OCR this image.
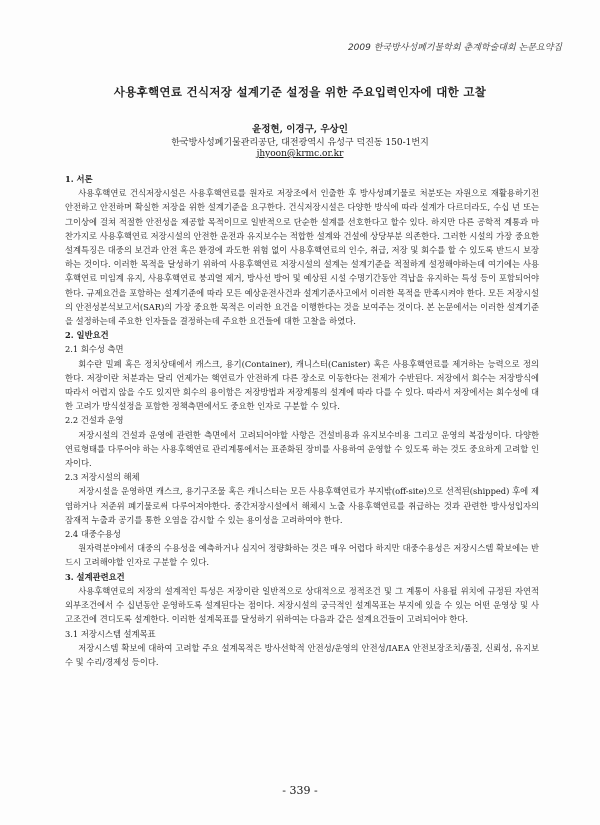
2009 한국방사성폐기물학회 춘계학술대회 논문요약집
사용후핵연료 건식저장 설계기준 설정을 위한 주요입력인자에 대한 고찰
윤정현, 이경구, 우상인
한국방사성폐기물관리공단, 대전광역시 유성구 덕진동 150-1번지
jhyoon@krmc.or.kr

1. 서론

사용후핵연료 건식저장시설은 사용후핵연료를 원자로 저장조에서 인출한 후 방사성폐기물로 처분또는 자원으로 재활용하기전 안전하고 안전하며 확실한 저장을 위한 설계기준을 요구한다. 건식저장시설은 다양한 방식에 따라 설계가 다르더라도, 수십 년 또는 그이상에 걸쳐 적절한 안전성을 제공할 목적이므로 일반적으로 단순한 설계를 선호한다고 할수 있다. 하지만 다른 공학적 계통과 마찬가지로 사용후핵연료 저장시설의 안전한 운전과 유지보수는 적합한 설계와 건설에 상당부분 의존한다. 그러한 시설의 가장 중요한 설계특징은 대중의 보건과 안전 혹은 환경에 과도한 위험 없이 사용후핵연료의 인수, 취급, 저장 및 회수를 할 수 있도록 반드시 보장하는 것이다. 이러한 목적을 달성하기 위하여 사용후핵연료 저장시설의 설계는 설계기준을 적절하게 설정해야하는데 여기에는 사용후핵연료 미임계 유지, 사용후핵연료 붕괴열 제거, 방사선 방어 및 예상된 시설 수명기간동안 격납을 유지하는 특성 등이 포함되어야 한다. 규제요건을 포함하는 설계기준에 따라 모든 예상운전사건과 설계기준사고에서 이러한 목적을 만족시켜야 한다. 모든 저장시설의 안전성분석보고서(SAR)의 가장 중요한 목적은 이러한 요건을 이행한다는 것을 보여주는 것이다. 본 논문에서는 이러한 설계기준을 설정하는데 주요한 인자들을 결정하는데 주요한 요건들에 대한 고찰을 하였다.

2. 일반요건

2.1 회수성 측면

회수란 밀폐 혹은 정치상태에서 캐스크, 용기(Container), 캐니스터(Canister) 혹은 사용후핵연료를 제거하는 능력으로 정의한다. 저장이란 처분과는 달리 언제가는 핵연료가 안전하게 다른 장소로 이동한다는 전제가 수반된다. 저장에서 회수는 저장방식에 따라서 어렵지 않을 수도 있지만 회수의 용이함은 저장방법과 저장계통의 설계에 따라 다를 수 있다. 따라서 저장에서는 회수성에 대한 고려가 방식설정을 포함한 정책측면에서도 중요한 인자로 구분할 수 있다.

2.2 건설과 운영

저장시설의 건설과 운영에 관련한 측면에서 고려되어야할 사항은 건설비용과 유지보수비용 그리고 운영의 복잡성이다. 다양한 연료형태를 다루어야 하는 사용후핵연료 관리계통에서는 표준화된 장비를 사용하여 운영할 수 있도록 하는 것도 중요하게 고려할 인자이다.

2.3 저장시설의 해체

저장시설을 운영하면 캐스크, 용기구조물 혹은 캐니스터는 모든 사용후핵연료가 부지밖(off-site)으로 선적된(shipped) 후에 제염하거나 저준위 폐기물로써 다루어져야한다. 중간저장시설에서 해체시 노출 사용후핵연료를 취급하는 것과 관련한 방사성입자의 잠재적 누출과 공기를 통한 오염을 감시할 수 있는 용이성을 고려하여야 한다.

2.4 대중수용성

원자력분야에서 대중의 수용성을 예측하거나 심지어 정량화하는 것은 매우 어렵다 하지만 대중수용성은 저장시스템 확보에는 반드시 고려해야할 인자로 구분할 수 있다.

3. 설계관련요건

사용후핵연료의 저장의 설계적인 특성은 저장이란 일반적으로 상대적으로 정적조건 및 그 계통이 사용될 위치에 규정된 자연적 외부조건에서 수 십년동안 운영하도록 설계된다는 점이다. 저장시설의 궁극적인 설계목표는 부지에 있을 수 있는 어떤 운영상 및 사고조건에 견디도록 설계한다. 이러한 설계목표를 달성하기 위하여는 다음과 같은 설계요건들이 고려되어야 한다.

3.1 저장시스템 설계목표

저장시스템 확보에 대하여 고려할 주요 설계목적은 방사선학적 안전성/운영의 안전성/IAEA 안전보장조치/품질, 신뢰성, 유지보수 및 수리/경제성 등이다.

- 339 -
